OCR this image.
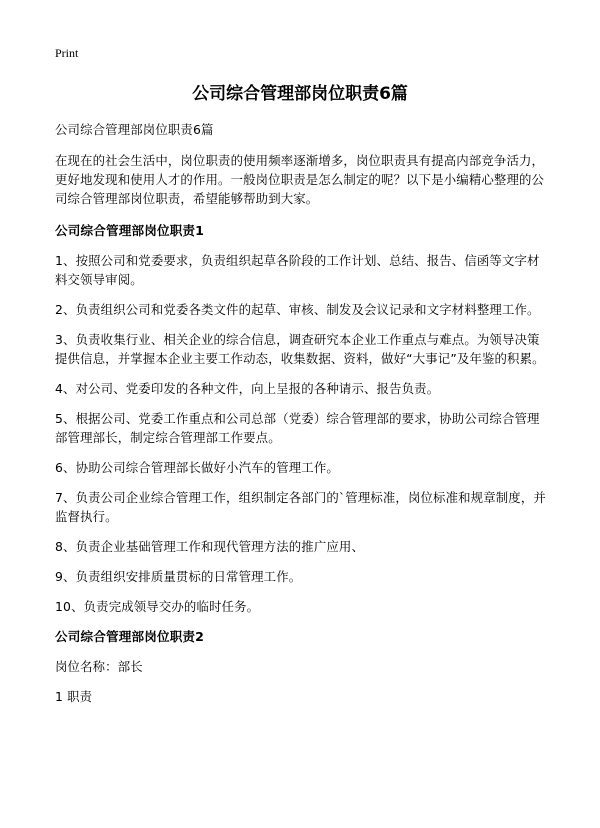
Print
公司综合管理部岗位职责6篇

公司综合管理部岗位职责6篇

在现在的社会生活中，岗位职责的使用频率逐渐增多，岗位职责具有提高内部竞争活力，更好地发现和使用人才的作用。一般岗位职责是怎么制定的呢？以下是小编精心整理的公司综合管理部岗位职责，希望能够帮助到大家。

公司综合管理部岗位职责1

1、按照公司和党委要求，负责组织起草各阶段的工作计划、总结、报告、信函等文字材料交领导审阅。

2、负责组织公司和党委各类文件的起草、审核、制发及会议记录和文字材料整理工作。

3、负责收集行业、相关企业的综合信息，调查研究本企业工作重点与难点。为领导决策提供信息，并掌握本企业主要工作动态，收集数据、资料，做好“大事记”及年鉴的积累。

4、对公司、党委印发的各种文件，向上呈报的各种请示、报告负责。

5、根据公司、党委工作重点和公司总部（党委）综合管理部的要求，协助公司综合管理部管理部长，制定综合管理部工作要点。

6、协助公司综合管理部长做好小汽车的管理工作。

7、负责公司企业综合管理工作，组织制定各部门的`管理标准，岗位标准和规章制度，并监督执行。

8、负责企业基础管理工作和现代管理方法的推广应用、

9、负责组织安排质量贯标的日常管理工作。

10、负责完成领导交办的临时任务。

公司综合管理部岗位职责2

岗位名称：部长

1 职责
